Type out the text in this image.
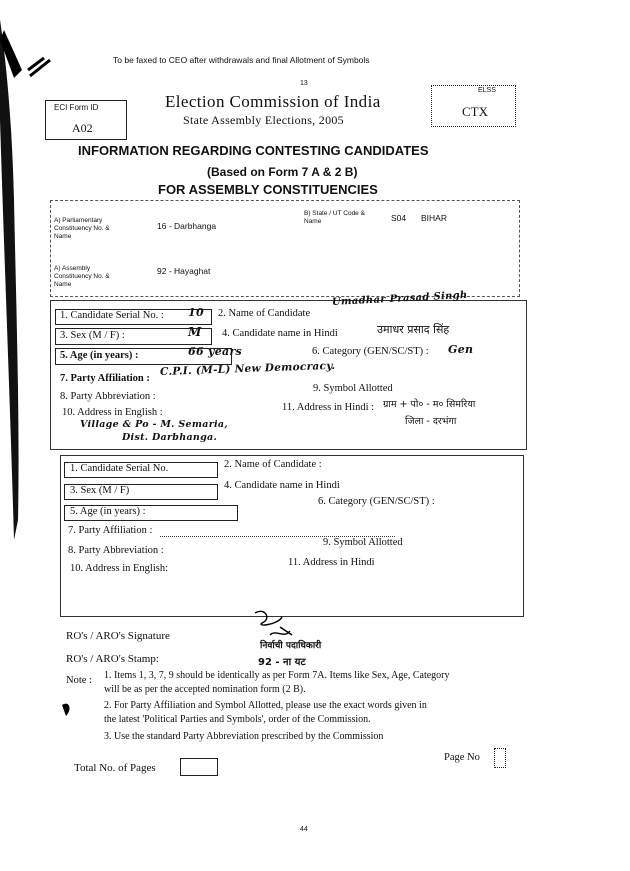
To be faxed to CEO after withdrawals and final Allotment of Symbols
13
ECI Form ID
A02
Election Commission of India
State Assembly Elections, 2005
ELSS
CTX
INFORMATION REGARDING CONTESTING CANDIDATES
(Based on Form 7 A & 2 B)
FOR ASSEMBLY CONSTITUENCIES
A) Parliamentary Constituency No. & Name
16 - Darbhanga
B) State / UT Code & Name	S04 BIHAR
A) Assembly Constituency No. & Name
92 - Hayaghat
1. Candidate Serial No. : 10 2. Name of Candidate
Umadhar Prasad Singh
3. Sex (M / F) :	M 4. Candidate name in Hindi	उमाधर प्रसाद सिंह
5. Age (in years) :	66 years	6. Category (GEN/SC/ST) : Gen
7. Party Affiliation :
C.P.I. (M-L) New Democracy.
8. Party Abbreviation :
9. Symbol Allotted
10. Address in English :
Village & Po - M. Semaria,
Dist. Darbhanga.
11. Address in Hindi : ग्राम + पो० - म० सिमरिया
जिला - दरभंगा
1. Candidate Serial No.	2. Name of Candidate :
3. Sex (M / F)	4. Candidate name in Hindi
5. Age (in years) :
6. Category (GEN/SC/ST) :
7. Party Affiliation :
8. Party Abbreviation :
9. Symbol Allotted
10. Address in English:
11. Address in Hindi
RO's / ARO's Signature
निर्वाची पदाधिकारी
RO's / ARO's Stamp:	92 - ना यट
Note : 1. Items 1, 3, 7, 9 should be identically as per Form 7A. Items like Sex, Age, Category
will be as per the accepted nomination form (2 B).
2. For Party Affiliation and Symbol Allotted, please use the exact words given in
the latest 'Political Parties and Symbols', order of the Commission.
3. Use the standard Party Abbreviation prescribed by the Commission
Total No. of Pages
Page No
44
